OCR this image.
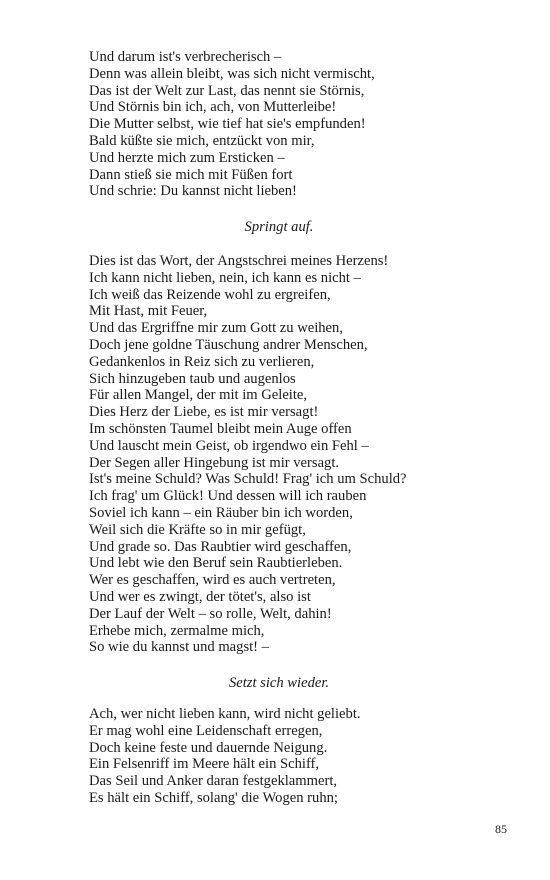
Und darum ist's verbrecherisch –
Denn was allein bleibt, was sich nicht vermischt,
Das ist der Welt zur Last, das nennt sie Störnis,
Und Störnis bin ich, ach, von Mutterleibe!
Die Mutter selbst, wie tief hat sie's empfunden!
Bald küßte sie mich, entzückt von mir,
Und herzte mich zum Ersticken –
Dann stieß sie mich mit Füßen fort
Und schrie: Du kannst nicht lieben!
Springt auf.
Dies ist das Wort, der Angstschrei meines Herzens!
Ich kann nicht lieben, nein, ich kann es nicht –
Ich weiß das Reizende wohl zu ergreifen,
Mit Hast, mit Feuer,
Und das Ergriffne mir zum Gott zu weihen,
Doch jene goldne Täuschung andrer Menschen,
Gedankenlos in Reiz sich zu verlieren,
Sich hinzugeben taub und augenlos
Für allen Mangel, der mit im Geleite,
Dies Herz der Liebe, es ist mir versagt!
Im schönsten Taumel bleibt mein Auge offen
Und lauscht mein Geist, ob irgendwo ein Fehl –
Der Segen aller Hingebung ist mir versagt.
Ist's meine Schuld? Was Schuld! Frag' ich um Schuld?
Ich frag' um Glück! Und dessen will ich rauben
Soviel ich kann – ein Räuber bin ich worden,
Weil sich die Kräfte so in mir gefügt,
Und grade so. Das Raubtier wird geschaffen,
Und lebt wie den Beruf sein Raubtierleben.
Wer es geschaffen, wird es auch vertreten,
Und wer es zwingt, der tötet's, also ist
Der Lauf der Welt – so rolle, Welt, dahin!
Erhebe mich, zermalme mich,
So wie du kannst und magst! –
Setzt sich wieder.
Ach, wer nicht lieben kann, wird nicht geliebt.
Er mag wohl eine Leidenschaft erregen,
Doch keine feste und dauernde Neigung.
Ein Felsenriff im Meere hält ein Schiff,
Das Seil und Anker daran festgeklammert,
Es hält ein Schiff, solang' die Wogen ruhn;
85
